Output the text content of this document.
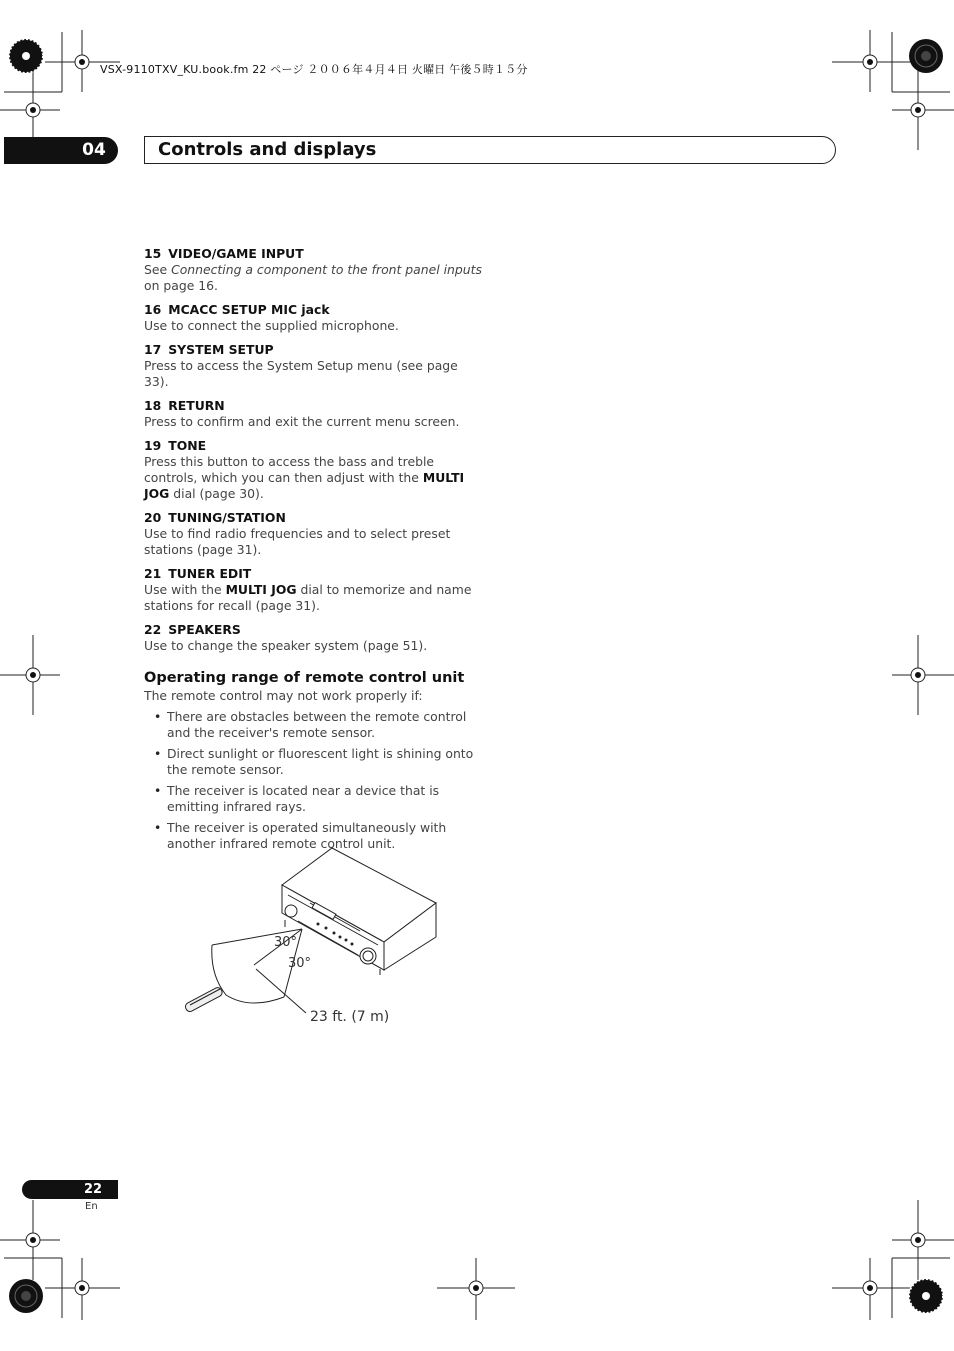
VSX-9110TXV_KU.book.fm 22 ページ ２００６年４月４日 火曜日 午後５時１５分
04	Controls and displays
15 VIDEO/GAME INPUT
See Connecting a component to the front panel inputs on page 16.
16 MCACC SETUP MIC jack
Use to connect the supplied microphone.
17 SYSTEM SETUP
Press to access the System Setup menu (see page 33).
18 RETURN
Press to confirm and exit the current menu screen.
19 TONE
Press this button to access the bass and treble controls, which you can then adjust with the MULTI JOG dial (page 30).
20 TUNING/STATION
Use to find radio frequencies and to select preset stations (page 31).
21 TUNER EDIT
Use with the MULTI JOG dial to memorize and name stations for recall (page 31).
22 SPEAKERS
Use to change the speaker system (page 51).
Operating range of remote control unit
The remote control may not work properly if:
• There are obstacles between the remote control and the receiver's remote sensor.
• Direct sunlight or fluorescent light is shining onto the remote sensor.
• The receiver is located near a device that is emitting infrared rays.
• The receiver is operated simultaneously with another infrared remote control unit.
30°
30°
23 ft. (7 m)
22
En
